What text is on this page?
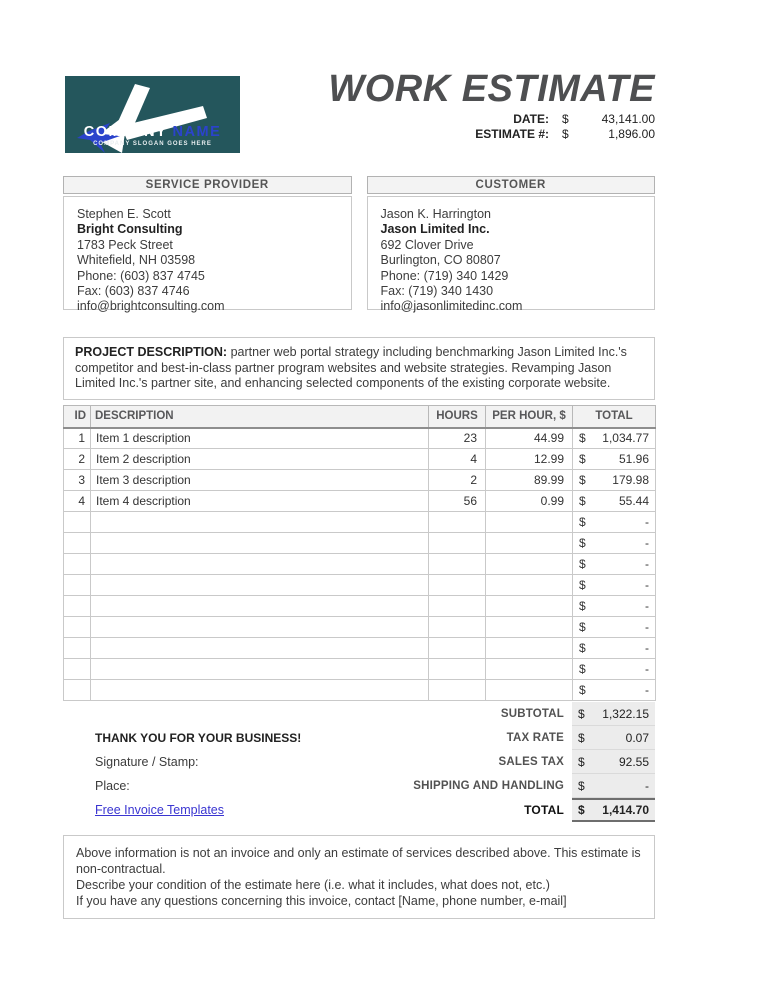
COMPANY NAME
COMPANY SLOGAN GOES HERE
WORK ESTIMATE
DATE:	$	43,141.00
ESTIMATE #:	$	1,896.00
SERVICE PROVIDER
Stephen E. Scott
Bright Consulting
1783 Peck Street
Whitefield, NH 03598
Phone: (603) 837 4745
Fax: (603) 837 4746
info@brightconsulting.com
CUSTOMER
Jason K. Harrington
Jason Limited Inc.
692 Clover Drive
Burlington, CO 80807
Phone: (719) 340 1429
Fax: (719) 340 1430
info@jasonlimitedinc.com
PROJECT DESCRIPTION: partner web portal strategy including benchmarking Jason Limited Inc.'s competitor and best-in-class partner program websites and website strategies. Revamping Jason Limited Inc.'s partner site, and enhancing selected components of the existing corporate website.
ID	DESCRIPTION	HOURS	PER HOUR, $	TOTAL
1	Item 1 description	23	44.99	$ 1,034.77

2	Item 2 description	4	12.99	$ 51.96

3	Item 3 description	2	89.99	$ 179.98

4	Item 4 description	56	0.99	$ 55.44

				$ -

				$ -

				$ -

				$ -

				$ -

				$ -

				$ -

				$ -

				$ -
SUBTOTAL	$ 1,322.15
THANK YOU FOR YOUR BUSINESS!	TAX RATE	$	0.07
Signature / Stamp:	SALES TAX	$	92.55
Place:	SHIPPING AND HANDLING	$	-
Free Invoice Templates	TOTAL	$ 1,414.70
Above information is not an invoice and only an estimate of services described above. This estimate is non-contractual.
Describe your condition of the estimate here (i.e. what it includes, what does not, etc.)
If you have any questions concerning this invoice, contact [Name, phone number, e-mail]
